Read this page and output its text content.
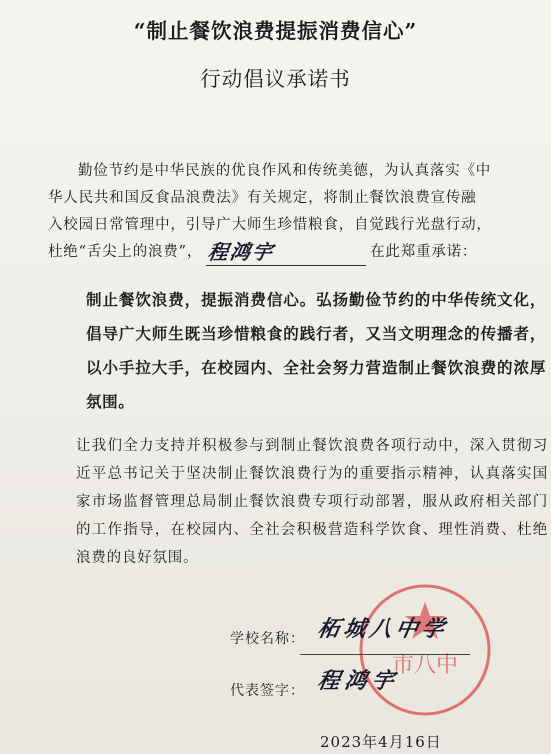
“制止餐饮浪费提振消费信心”
行动倡议承诺书
勤俭节约是中华民族的优良作风和传统美德，为认真落实《中
华人民共和国反食品浪费法》有关规定，将制止餐饮浪费宣传融
入校园日常管理中，引导广大师生珍惜粮食，自觉践行光盘行动，
杜绝“舌尖上的浪费”， 程鸿宇	在此郑重承诺：
制止餐饮浪费，提振消费信心。弘扬勤俭节约的中华传统文化，倡导广大师生既当珍惜粮食的践行者，又当文明理念的传播者，以小手拉大手，在校园内、全社会努力营造制止餐饮浪费的浓厚氛围。
让我们全力支持并积极参与到制止餐饮浪费各项行动中，深入贯彻习近平总书记关于坚决制止餐饮浪费行为的重要指示精神，认真落实国家市场监督管理总局制止餐饮浪费专项行动部署，服从政府相关部门的工作指导，在校园内、全社会积极营造科学饮食、理性消费、杜绝浪费的良好氛围。
市八中
学校名称： 柘城八中学
代表签字： 程鸿宇
2023年4月16日
